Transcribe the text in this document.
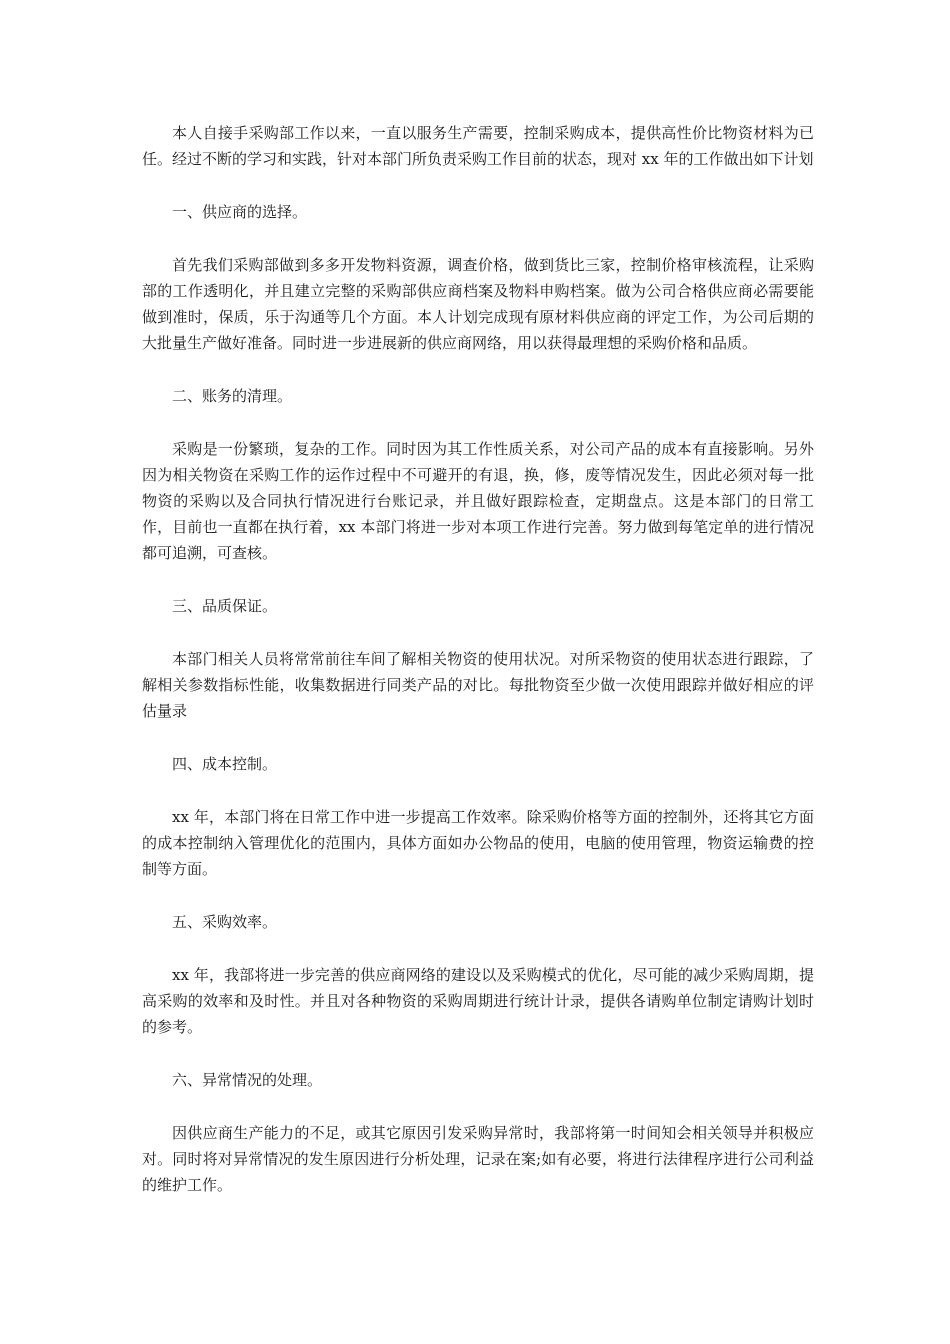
本人自接手采购部工作以来，一直以服务生产需要，控制采购成本，提供高性价比物资材料为已任。经过不断的学习和实践，针对本部门所负责采购工作目前的状态，现对 xx 年的工作做出如下计划

一、供应商的选择。

首先我们采购部做到多多开发物料资源，调查价格，做到货比三家，控制价格审核流程，让采购部的工作透明化，并且建立完整的采购部供应商档案及物料申购档案。做为公司合格供应商必需要能做到准时，保质，乐于沟通等几个方面。本人计划完成现有原材料供应商的评定工作，为公司后期的大批量生产做好准备。同时进一步进展新的供应商网络，用以获得最理想的采购价格和品质。

二、账务的清理。

采购是一份繁琐，复杂的工作。同时因为其工作性质关系，对公司产品的成本有直接影响。另外因为相关物资在采购工作的运作过程中不可避开的有退，换，修，废等情况发生，因此必须对每一批物资的采购以及合同执行情况进行台账记录，并且做好跟踪检查，定期盘点。这是本部门的日常工作，目前也一直都在执行着，xx 本部门将进一步对本项工作进行完善。努力做到每笔定单的进行情况都可追溯，可查核。

三、品质保证。

本部门相关人员将常常前往车间了解相关物资的使用状况。对所采物资的使用状态进行跟踪，了解相关参数指标性能，收集数据进行同类产品的对比。每批物资至少做一次使用跟踪并做好相应的评估量录

四、成本控制。

xx 年，本部门将在日常工作中进一步提高工作效率。除采购价格等方面的控制外，还将其它方面的成本控制纳入管理优化的范围内，具体方面如办公物品的使用，电脑的使用管理，物资运输费的控制等方面。

五、采购效率。

xx 年，我部将进一步完善的供应商网络的建设以及采购模式的优化，尽可能的减少采购周期，提高采购的效率和及时性。并且对各种物资的采购周期进行统计计录，提供各请购单位制定请购计划时的参考。

六、异常情况的处理。

因供应商生产能力的不足，或其它原因引发采购异常时，我部将第一时间知会相关领导并积极应对。同时将对异常情况的发生原因进行分析处理，记录在案;如有必要，将进行法律程序进行公司利益的维护工作。
